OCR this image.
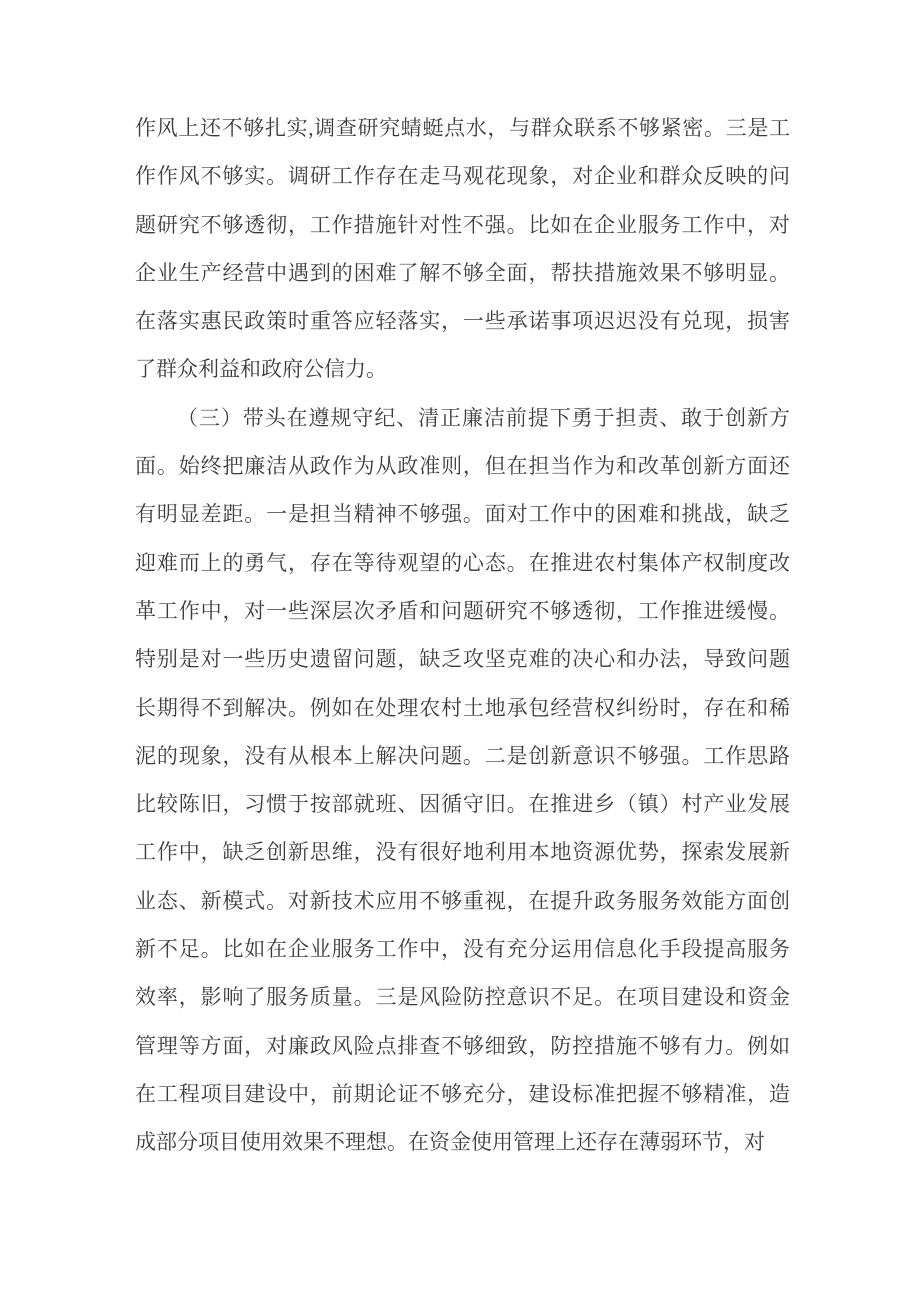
作风上还不够扎实,调查研究蜻蜓点水，与群众联系不够紧密。三是工
作作风不够实。调研工作存在走马观花现象，对企业和群众反映的问
题研究不够透彻，工作措施针对性不强。比如在企业服务工作中，对
企业生产经营中遇到的困难了解不够全面，帮扶措施效果不够明显。
在落实惠民政策时重答应轻落实，一些承诺事项迟迟没有兑现，损害
了群众利益和政府公信力。
（三）带头在遵规守纪、清正廉洁前提下勇于担责、敢于创新方
面。始终把廉洁从政作为从政准则，但在担当作为和改革创新方面还
有明显差距。一是担当精神不够强。面对工作中的困难和挑战，缺乏
迎难而上的勇气，存在等待观望的心态。在推进农村集体产权制度改
革工作中，对一些深层次矛盾和问题研究不够透彻，工作推进缓慢。
特别是对一些历史遗留问题，缺乏攻坚克难的决心和办法，导致问题
长期得不到解决。例如在处理农村土地承包经营权纠纷时，存在和稀
泥的现象，没有从根本上解决问题。二是创新意识不够强。工作思路
比较陈旧，习惯于按部就班、因循守旧。在推进乡（镇）村产业发展
工作中，缺乏创新思维，没有很好地利用本地资源优势，探索发展新
业态、新模式。对新技术应用不够重视，在提升政务服务效能方面创
新不足。比如在企业服务工作中，没有充分运用信息化手段提高服务
效率，影响了服务质量。三是风险防控意识不足。在项目建设和资金
管理等方面，对廉政风险点排查不够细致，防控措施不够有力。例如
在工程项目建设中，前期论证不够充分，建设标准把握不够精准，造
成部分项目使用效果不理想。在资金使用管理上还存在薄弱环节，对
